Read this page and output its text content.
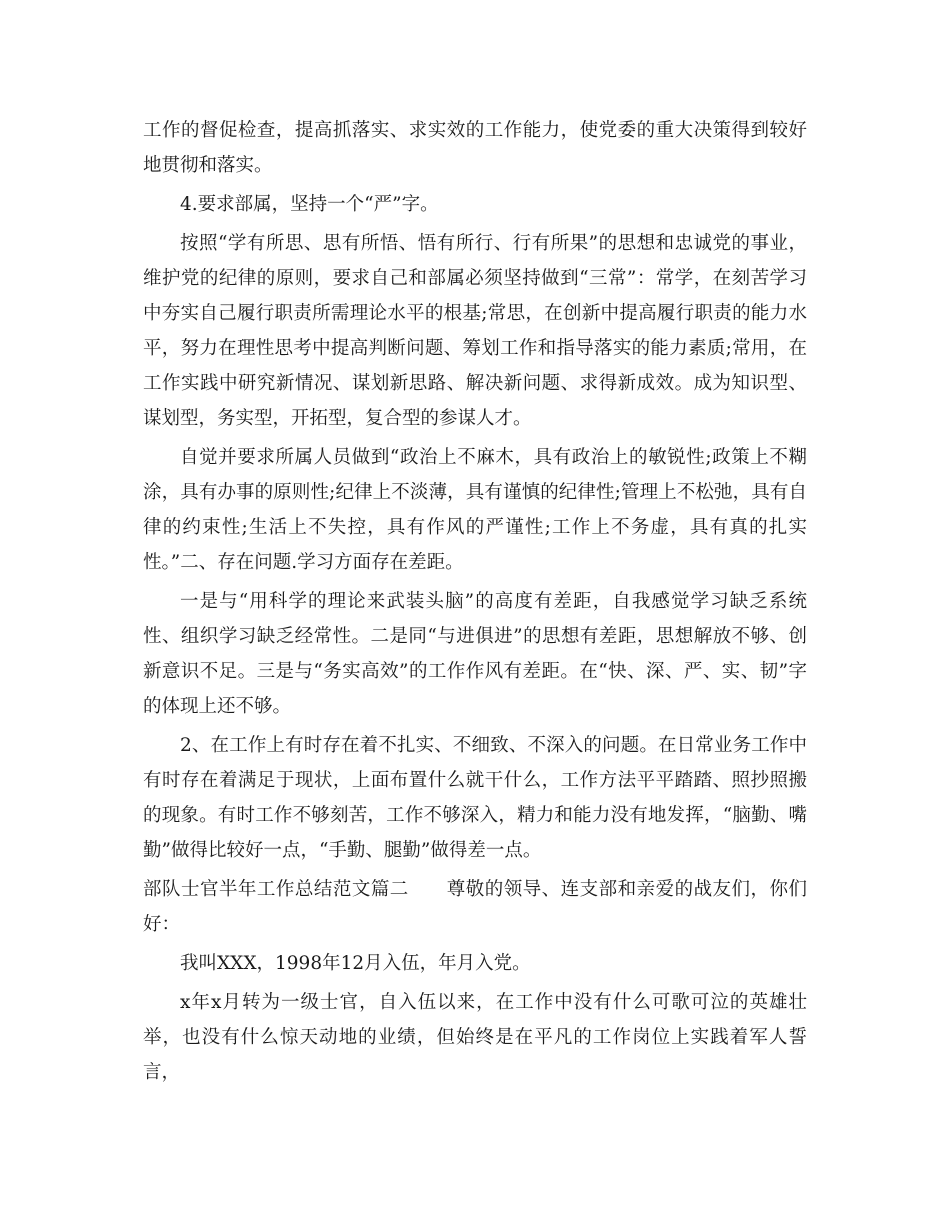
工作的督促检查，提高抓落实、求实效的工作能力，使党委的重大决策得到较好地贯彻和落实。

4.要求部属，坚持一个“严”字。

按照“学有所思、思有所悟、悟有所行、行有所果”的思想和忠诚党的事业，维护党的纪律的原则，要求自己和部属必须坚持做到“三常”：常学，在刻苦学习中夯实自己履行职责所需理论水平的根基;常思，在创新中提高履行职责的能力水平，努力在理性思考中提高判断问题、筹划工作和指导落实的能力素质;常用，在工作实践中研究新情况、谋划新思路、解决新问题、求得新成效。成为知识型、谋划型，务实型，开拓型，复合型的参谋人才。

自觉并要求所属人员做到“政治上不麻木，具有政治上的敏锐性;政策上不糊涂，具有办事的原则性;纪律上不淡薄，具有谨慎的纪律性;管理上不松弛，具有自律的约束性;生活上不失控，具有作风的严谨性;工作上不务虚，具有真的扎实性。”二、存在问题.学习方面存在差距。

一是与“用科学的理论来武装头脑”的高度有差距，自我感觉学习缺乏系统性、组织学习缺乏经常性。二是同“与进俱进”的思想有差距，思想解放不够、创新意识不足。三是与“务实高效”的工作作风有差距。在“快、深、严、实、韧”字的体现上还不够。

2、在工作上有时存在着不扎实、不细致、不深入的问题。在日常业务工作中有时存在着满足于现状，上面布置什么就干什么，工作方法平平踏踏、照抄照搬的现象。有时工作不够刻苦，工作不够深入，精力和能力没有地发挥，“脑勤、嘴勤”做得比较好一点，“手勤、腿勤”做得差一点。

部队士官半年工作总结范文篇二　　尊敬的领导、连支部和亲爱的战友们，你们好：

我叫XXX，1998年12月入伍，年月入党。

x年x月转为一级士官，自入伍以来，在工作中没有什么可歌可泣的英雄壮举，也没有什么惊天动地的业绩，但始终是在平凡的工作岗位上实践着军人誓言，
